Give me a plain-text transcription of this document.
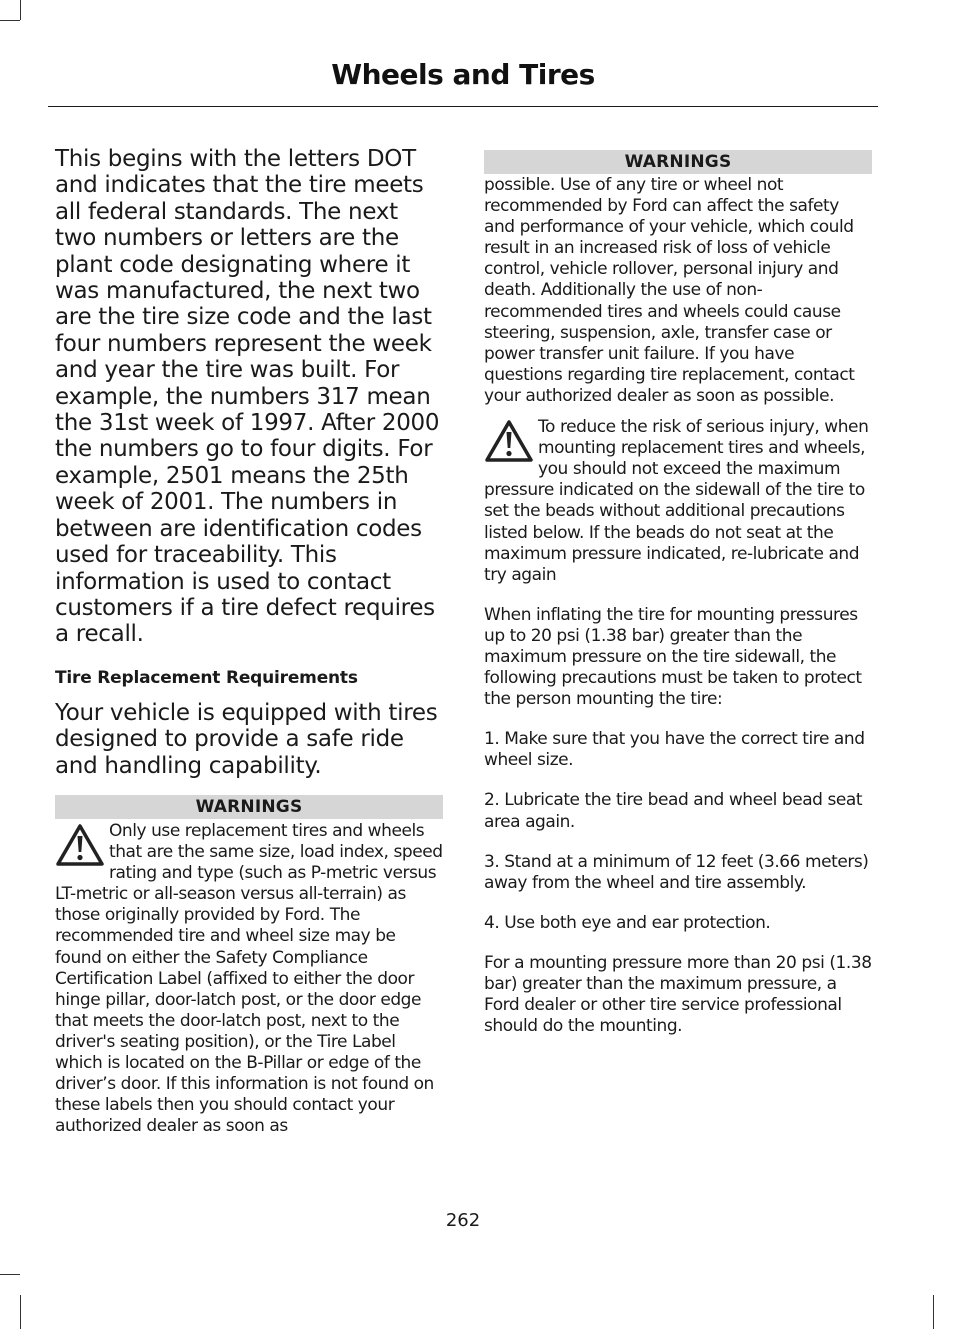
Wheels and Tires

This begins with the letters DOT and indicates that the tire meets all federal standards. The next two numbers or letters are the plant code designating where it was manufactured, the next two are the tire size code and the last four numbers represent the week and year the tire was built. For example, the numbers 317 mean the 31st week of 1997. After 2000 the numbers go to four digits. For example, 2501 means the 25th week of 2001. The numbers in between are identification codes used for traceability. This information is used to contact customers if a tire defect requires a recall.

Tire Replacement Requirements

Your vehicle is equipped with tires designed to provide a safe ride and handling capability.

WARNINGS

Only use replacement tires and wheels that are the same size, load index, speed rating and type (such as P-metric versus LT-metric or all-season versus all-terrain) as those originally provided by Ford. The recommended tire and wheel size may be found on either the Safety Compliance Certification Label (affixed to either the door hinge pillar, door-latch post, or the door edge that meets the door-latch post, next to the driver's seating position), or the Tire Label which is located on the B-Pillar or edge of the driver’s door. If this information is not found on these labels then you should contact your authorized dealer as soon as

WARNINGS

possible. Use of any tire or wheel not recommended by Ford can affect the safety and performance of your vehicle, which could result in an increased risk of loss of vehicle control, vehicle rollover, personal injury and death. Additionally the use of non-recommended tires and wheels could cause steering, suspension, axle, transfer case or power transfer unit failure. If you have questions regarding tire replacement, contact your authorized dealer as soon as possible.

To reduce the risk of serious injury, when mounting replacement tires and wheels, you should not exceed the maximum pressure indicated on the sidewall of the tire to set the beads without additional precautions listed below. If the beads do not seat at the maximum pressure indicated, re-lubricate and try again

When inflating the tire for mounting pressures up to 20 psi (1.38 bar) greater than the maximum pressure on the tire sidewall, the following precautions must be taken to protect the person mounting the tire:

1. Make sure that you have the correct tire and wheel size.

2. Lubricate the tire bead and wheel bead seat area again.

3. Stand at a minimum of 12 feet (3.66 meters) away from the wheel and tire assembly.

4. Use both eye and ear protection.

For a mounting pressure more than 20 psi (1.38 bar) greater than the maximum pressure, a Ford dealer or other tire service professional should do the mounting.

262
